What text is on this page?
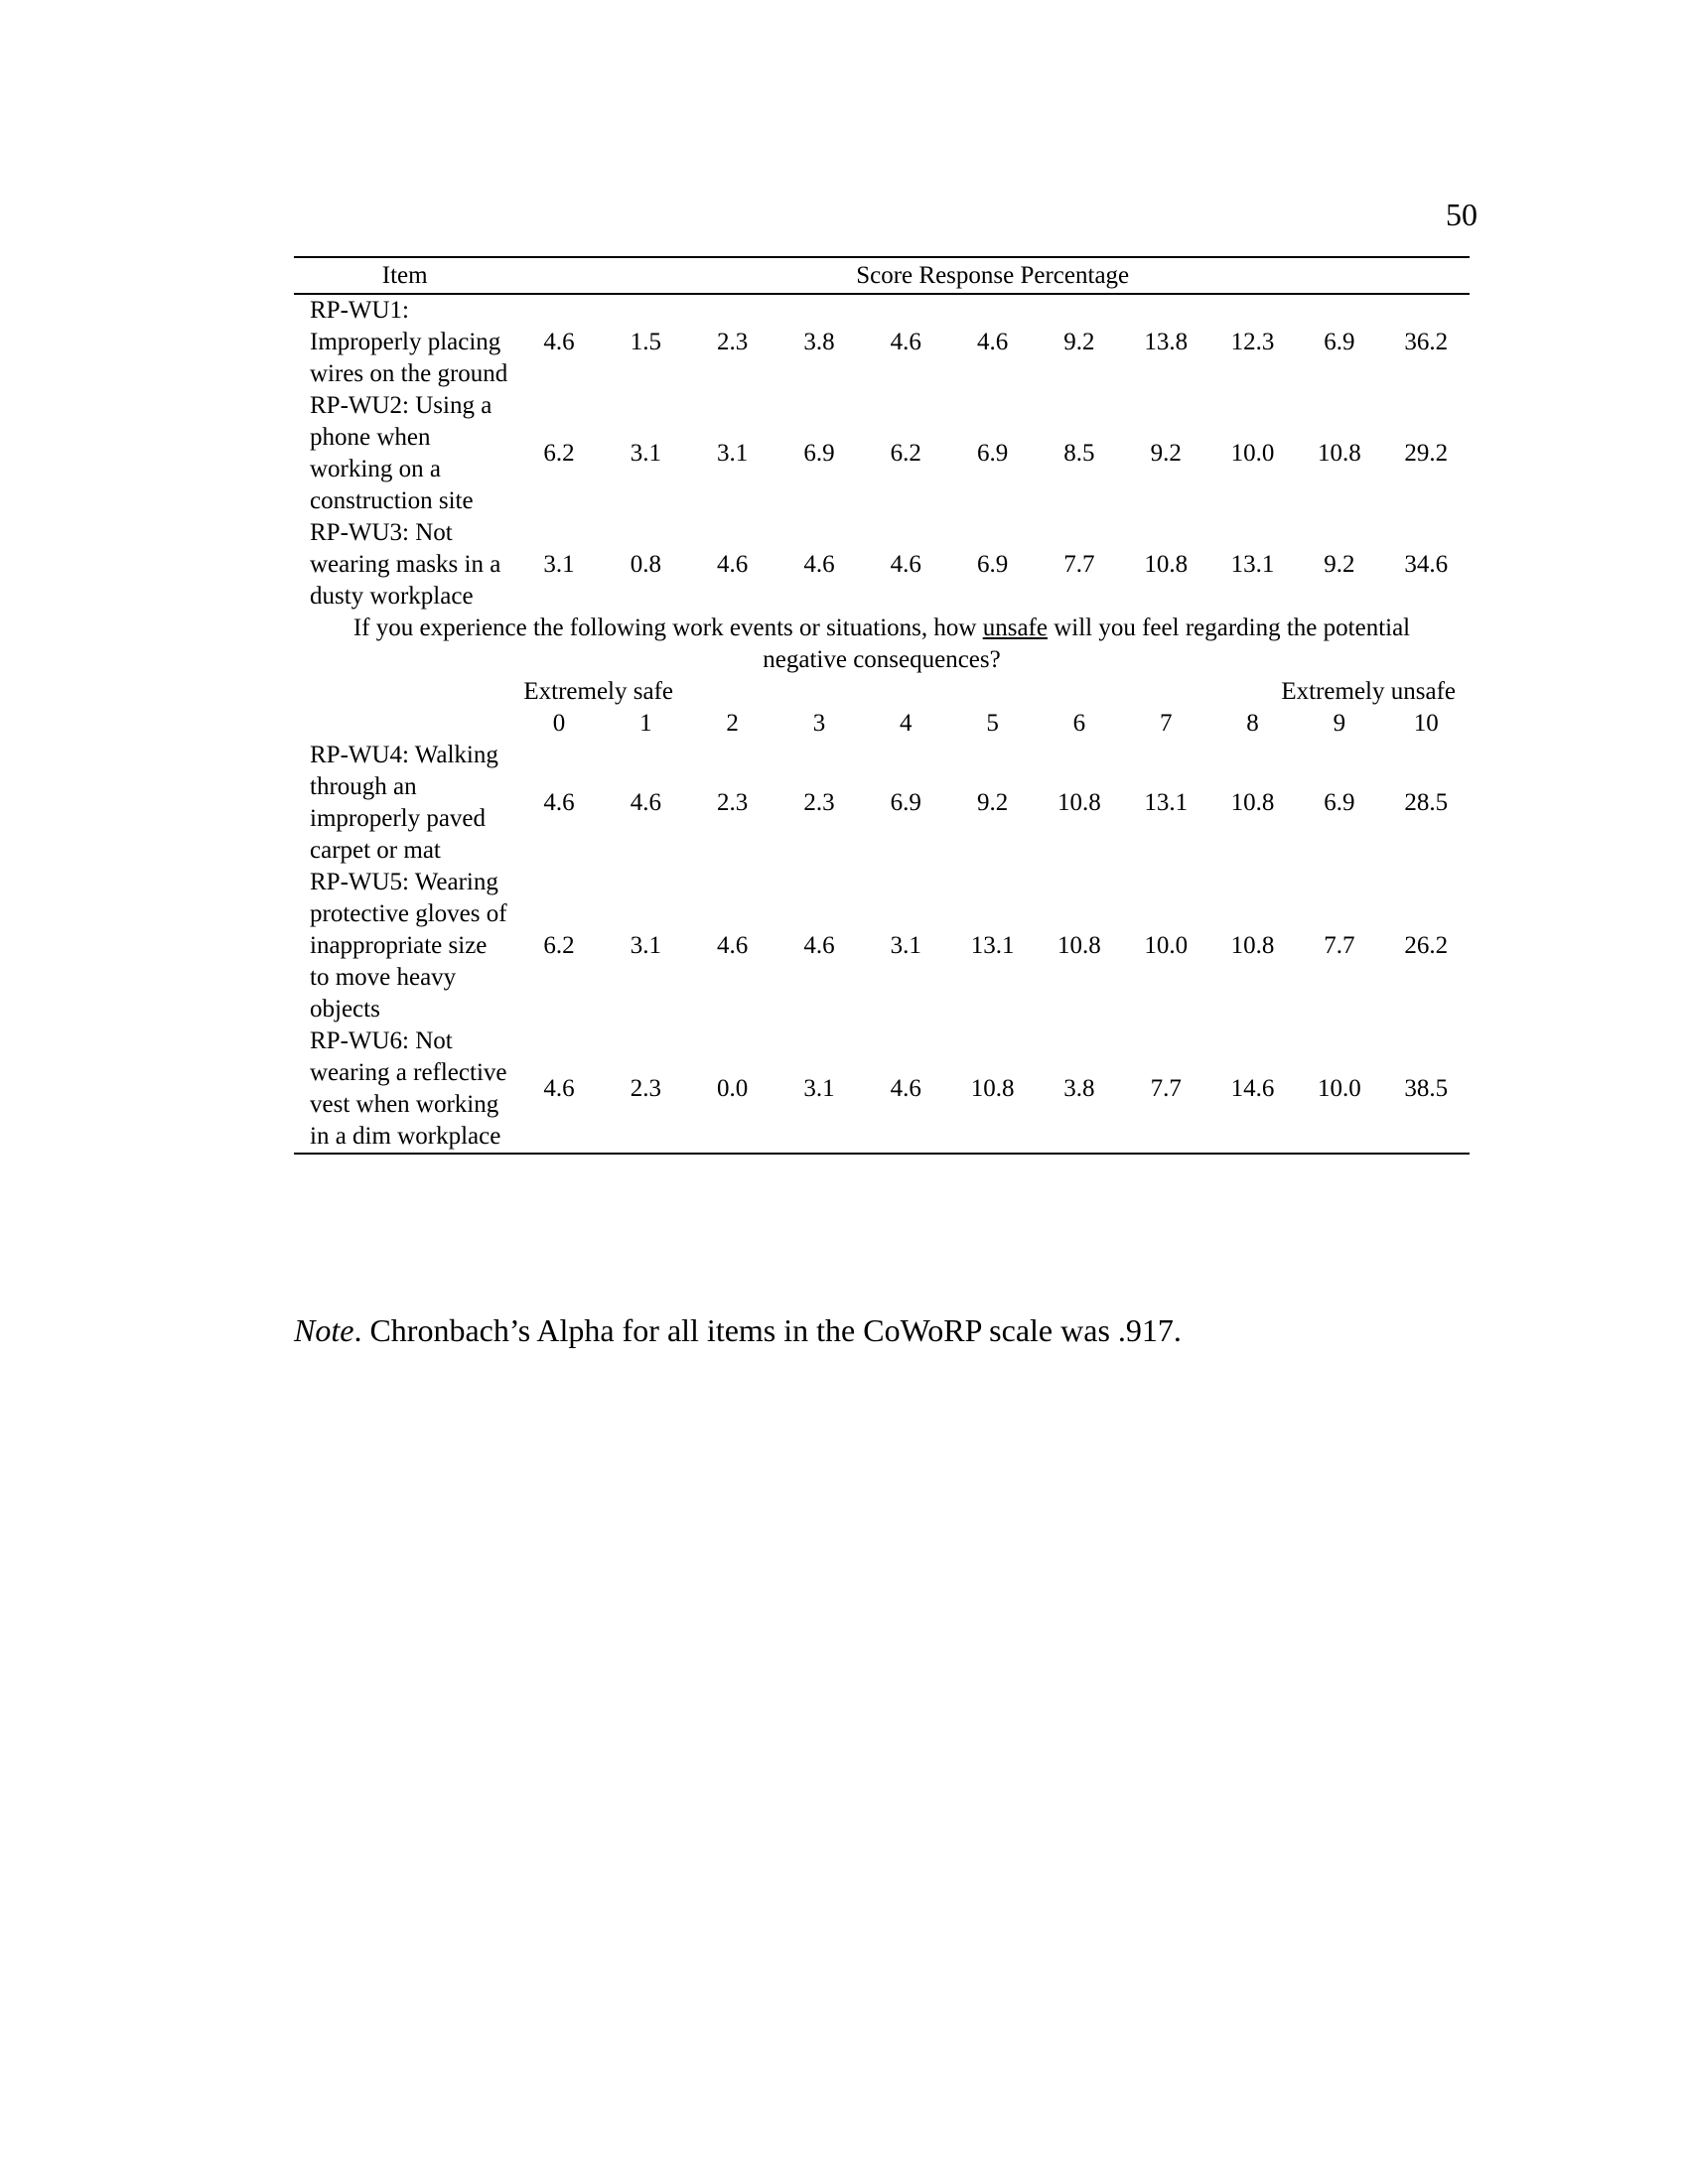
50
Item	Score Response Percentage										
RP-WU1: Improperly placing wires on the ground	4.6	1.5	2.3	3.8	4.6	4.6	9.2	13.8	12.3	6.9	36.2
RP-WU2: Using a phone when working on a construction site	6.2	3.1	3.1	6.9	6.2	6.9	8.5	9.2	10.0	10.8	29.2
RP-WU3: Not wearing masks in a dusty workplace	3.1	0.8	4.6	4.6	4.6	6.9	7.7	10.8	13.1	9.2	34.6
If you experience the following work events or situations, how unsafe will you feel regarding the potential negative consequences?											
	Extremely safe								Extremely unsafe		
	0	1	2	3	4	5	6	7	8	9	10
RP-WU4: Walking through an improperly paved carpet or mat	4.6	4.6	2.3	2.3	6.9	9.2	10.8	13.1	10.8	6.9	28.5
RP-WU5: Wearing protective gloves of inappropriate size to move heavy objects	6.2	3.1	4.6	4.6	3.1	13.1	10.8	10.0	10.8	7.7	26.2
RP-WU6: Not wearing a reflective vest when working in a dim workplace	4.6	2.3	0.0	3.1	4.6	10.8	3.8	7.7	14.6	10.0	38.5
Note. Chronbach’s Alpha for all items in the CoWoRP scale was .917.
